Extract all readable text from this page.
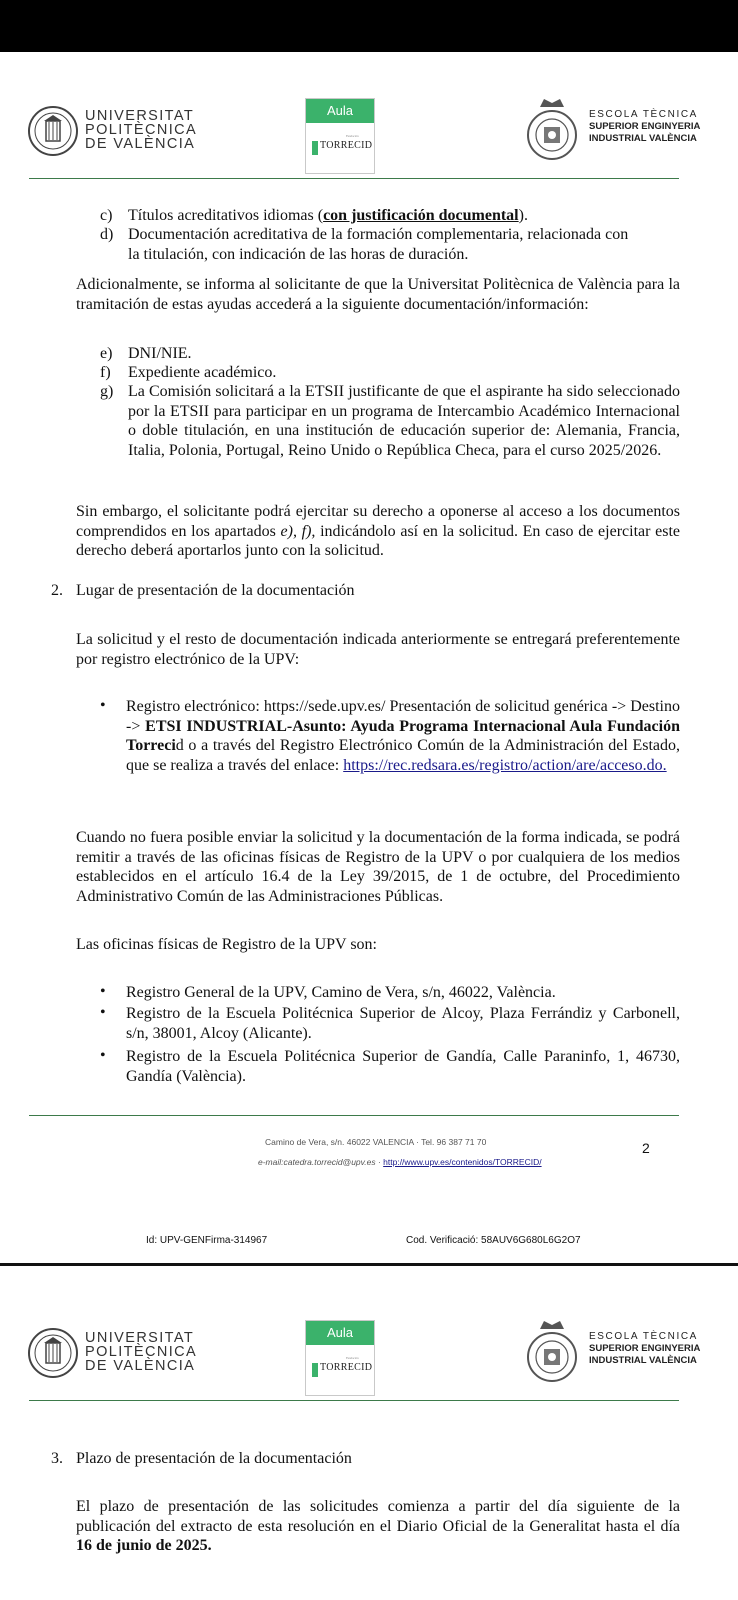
UNIVERSITAT
POLITÈCNICA
DE VALÈNCIA
Aula
Fundación
TORRECID
ESCOLA TÈCNICA
SUPERIOR ENGINYERIA
INDUSTRIAL VALÈNCIA
c) Títulos acreditativos idiomas (con justificación documental).
d) Documentación acreditativa de la formación complementaria, relacionada con
la titulación, con indicación de las horas de duración.

Adicionalmente, se informa al solicitante de que la Universitat Politècnica de València para la tramitación de estas ayudas accederá a la siguiente documentación/información:

e) DNI/NIE.
f) Expediente académico.
g) La Comisión solicitará a la ETSII justificante de que el aspirante ha sido seleccionado por la ETSII para participar en un programa de Intercambio Académico Internacional o doble titulación, en una institución de educación superior de: Alemania, Francia, Italia, Polonia, Portugal, Reino Unido o República Checa, para el curso 2025/2026.

Sin embargo, el solicitante podrá ejercitar su derecho a oponerse al acceso a los documentos comprendidos en los apartados e), f), indicándolo así en la solicitud. En caso de ejercitar este derecho deberá aportarlos junto con la solicitud.

2. Lugar de presentación de la documentación

La solicitud y el resto de documentación indicada anteriormente se entregará preferentemente por registro electrónico de la UPV:

• Registro electrónico: https://sede.upv.es/ Presentación de solicitud genérica -> Destino -> ETSI INDUSTRIAL-Asunto: Ayuda Programa Internacional Aula Fundación Torrecid o a través del Registro Electrónico Común de la Administración del Estado, que se realiza a través del enlace: https://rec.redsara.es/registro/action/are/acceso.do.

Cuando no fuera posible enviar la solicitud y la documentación de la forma indicada, se podrá remitir a través de las oficinas físicas de Registro de la UPV o por cualquiera de los medios establecidos en el artículo 16.4 de la Ley 39/2015, de 1 de octubre, del Procedimiento Administrativo Común de las Administraciones Públicas.

Las oficinas físicas de Registro de la UPV son:

• Registro General de la UPV, Camino de Vera, s/n, 46022, València.

• Registro de la Escuela Politécnica Superior de Alcoy, Plaza Ferrándiz y Carbonell, s/n, 38001, Alcoy (Alicante).

• Registro de la Escuela Politécnica Superior de Gandía, Calle Paraninfo, 1, 46730, Gandía (València).

Camino de Vera, s/n. 46022 VALENCIA · Tel. 96 387 71 70
e-mail:catedra.torrecid@upv.es · http://www.upv.es/contenidos/TORRECID/
2
Id: UPV-GENFirma-314967	Cod. Verificació: 58AUV6G680L6G2O7
UNIVERSITAT
POLITÈCNICA
DE VALÈNCIA
Aula
Fundación
TORRECID
ESCOLA TÈCNICA
SUPERIOR ENGINYERIA
INDUSTRIAL VALÈNCIA
3. Plazo de presentación de la documentación

El plazo de presentación de las solicitudes comienza a partir del día siguiente de la publicación del extracto de esta resolución en el Diario Oficial de la Generalitat hasta el día 16 de junio de 2025.
